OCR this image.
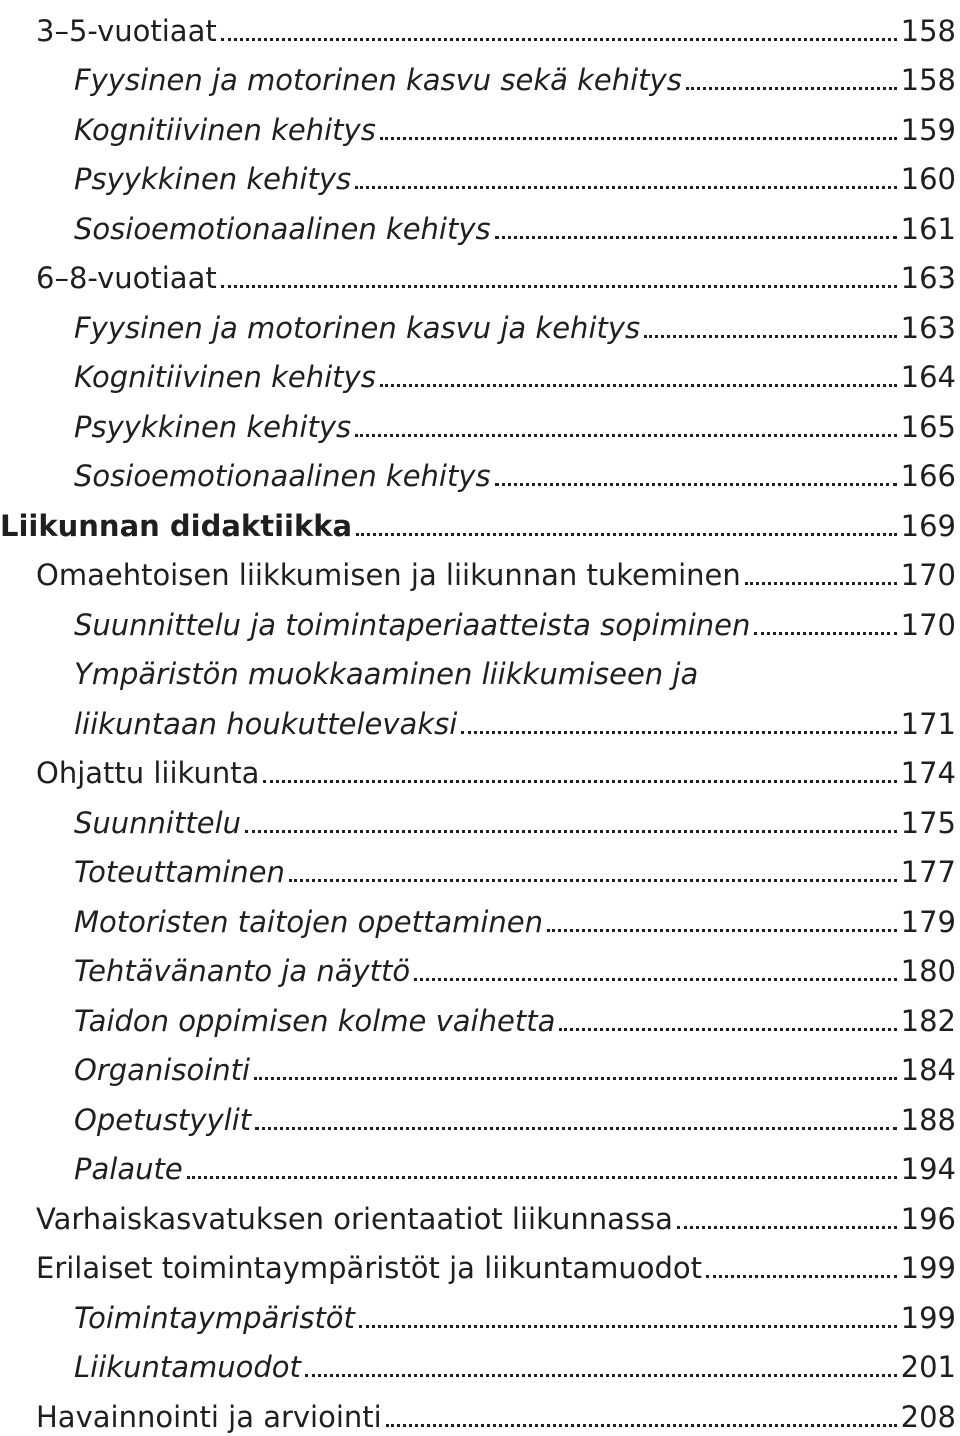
3–5-vuotiaat	158
Fyysinen ja motorinen kasvu sekä kehitys	158
Kognitiivinen kehitys	159
Psyykkinen kehitys	160
Sosioemotionaalinen kehitys	161
6–8-vuotiaat	163
Fyysinen ja motorinen kasvu ja kehitys	163
Kognitiivinen kehitys	164
Psyykkinen kehitys	165
Sosioemotionaalinen kehitys	166
Liikunnan didaktiikka	169
Omaehtoisen liikkumisen ja liikunnan tukeminen	170
Suunnittelu ja toimintaperiaatteista sopiminen	170
Ympäristön muokkaaminen liikkumiseen ja
liikuntaan houkuttelevaksi	171
Ohjattu liikunta	174
Suunnittelu	175
Toteuttaminen	177
Motoristen taitojen opettaminen	179
Tehtävänanto ja näyttö	180
Taidon oppimisen kolme vaihetta	182
Organisointi	184
Opetustyylit	188
Palaute	194
Varhaiskasvatuksen orientaatiot liikunnassa	196
Erilaiset toimintaympäristöt ja liikuntamuodot	199
Toimintaympäristöt	199
Liikuntamuodot	201
Havainnointi ja arviointi	208
